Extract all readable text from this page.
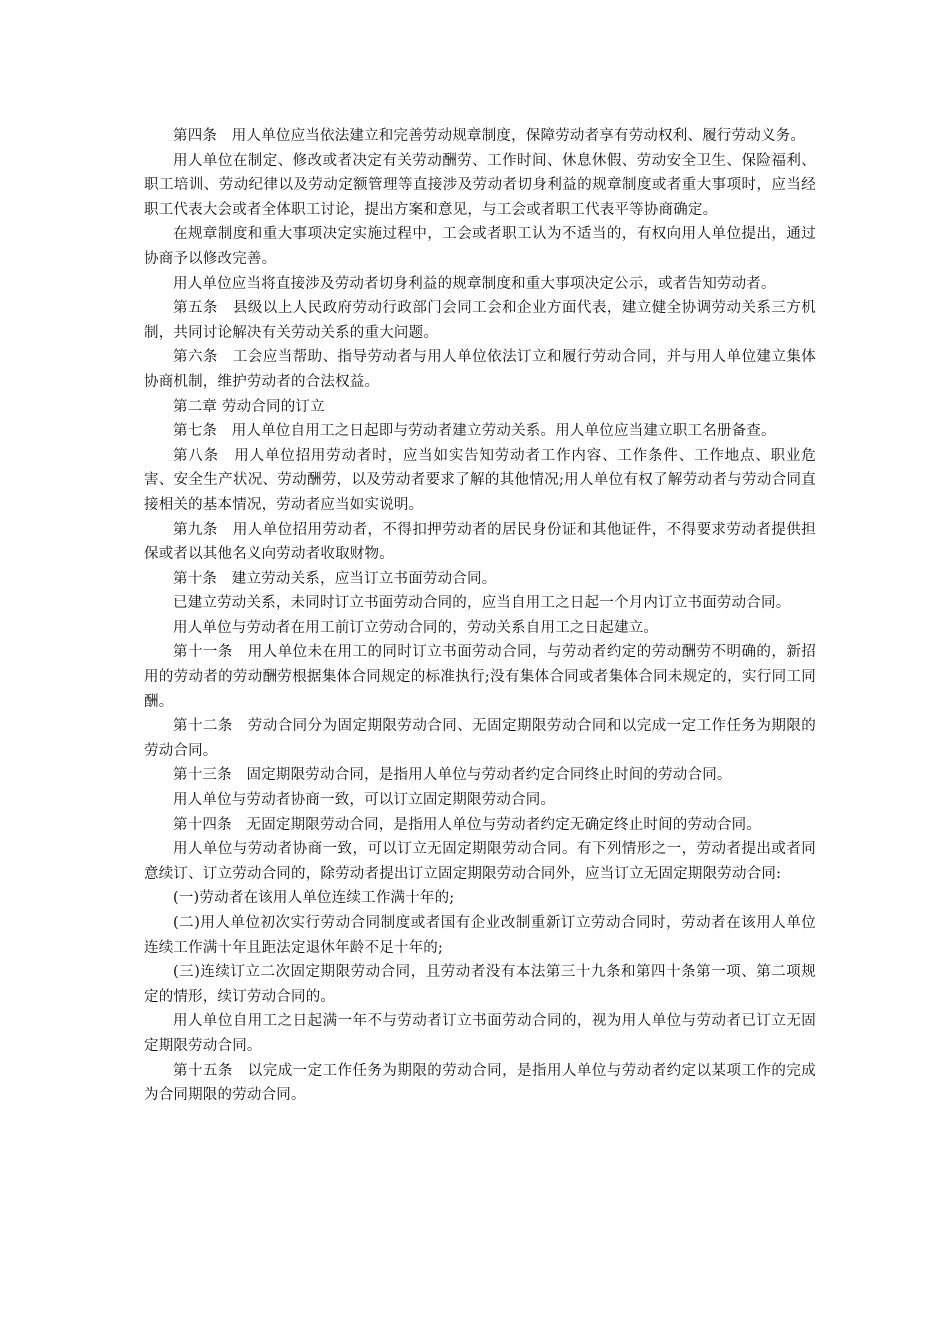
第四条　用人单位应当依法建立和完善劳动规章制度，保障劳动者享有劳动权利、履行劳动义务。

用人单位在制定、修改或者决定有关劳动酬劳、工作时间、休息休假、劳动安全卫生、保险福利、职工培训、劳动纪律以及劳动定额管理等直接涉及劳动者切身利益的规章制度或者重大事项时，应当经职工代表大会或者全体职工讨论，提出方案和意见，与工会或者职工代表平等协商确定。

在规章制度和重大事项决定实施过程中，工会或者职工认为不适当的，有权向用人单位提出，通过协商予以修改完善。

用人单位应当将直接涉及劳动者切身利益的规章制度和重大事项决定公示，或者告知劳动者。

第五条　县级以上人民政府劳动行政部门会同工会和企业方面代表，建立健全协调劳动关系三方机制，共同讨论解决有关劳动关系的重大问题。

第六条　工会应当帮助、指导劳动者与用人单位依法订立和履行劳动合同，并与用人单位建立集体协商机制，维护劳动者的合法权益。

第二章 劳动合同的订立

第七条　用人单位自用工之日起即与劳动者建立劳动关系。用人单位应当建立职工名册备查。

第八条　用人单位招用劳动者时，应当如实告知劳动者工作内容、工作条件、工作地点、职业危害、安全生产状况、劳动酬劳，以及劳动者要求了解的其他情况;用人单位有权了解劳动者与劳动合同直接相关的基本情况，劳动者应当如实说明。

第九条　用人单位招用劳动者，不得扣押劳动者的居民身份证和其他证件，不得要求劳动者提供担保或者以其他名义向劳动者收取财物。

第十条　建立劳动关系，应当订立书面劳动合同。

已建立劳动关系，未同时订立书面劳动合同的，应当自用工之日起一个月内订立书面劳动合同。

用人单位与劳动者在用工前订立劳动合同的，劳动关系自用工之日起建立。

第十一条　用人单位未在用工的同时订立书面劳动合同，与劳动者约定的劳动酬劳不明确的，新招用的劳动者的劳动酬劳根据集体合同规定的标准执行;没有集体合同或者集体合同未规定的，实行同工同酬。

第十二条　劳动合同分为固定期限劳动合同、无固定期限劳动合同和以完成一定工作任务为期限的劳动合同。

第十三条　固定期限劳动合同，是指用人单位与劳动者约定合同终止时间的劳动合同。

用人单位与劳动者协商一致，可以订立固定期限劳动合同。

第十四条　无固定期限劳动合同，是指用人单位与劳动者约定无确定终止时间的劳动合同。

用人单位与劳动者协商一致，可以订立无固定期限劳动合同。有下列情形之一，劳动者提出或者同意续订、订立劳动合同的，除劳动者提出订立固定期限劳动合同外，应当订立无固定期限劳动合同:

(一)劳动者在该用人单位连续工作满十年的;

(二)用人单位初次实行劳动合同制度或者国有企业改制重新订立劳动合同时，劳动者在该用人单位连续工作满十年且距法定退休年龄不足十年的;

(三)连续订立二次固定期限劳动合同，且劳动者没有本法第三十九条和第四十条第一项、第二项规定的情形，续订劳动合同的。

用人单位自用工之日起满一年不与劳动者订立书面劳动合同的，视为用人单位与劳动者已订立无固定期限劳动合同。

第十五条　以完成一定工作任务为期限的劳动合同，是指用人单位与劳动者约定以某项工作的完成为合同期限的劳动合同。
